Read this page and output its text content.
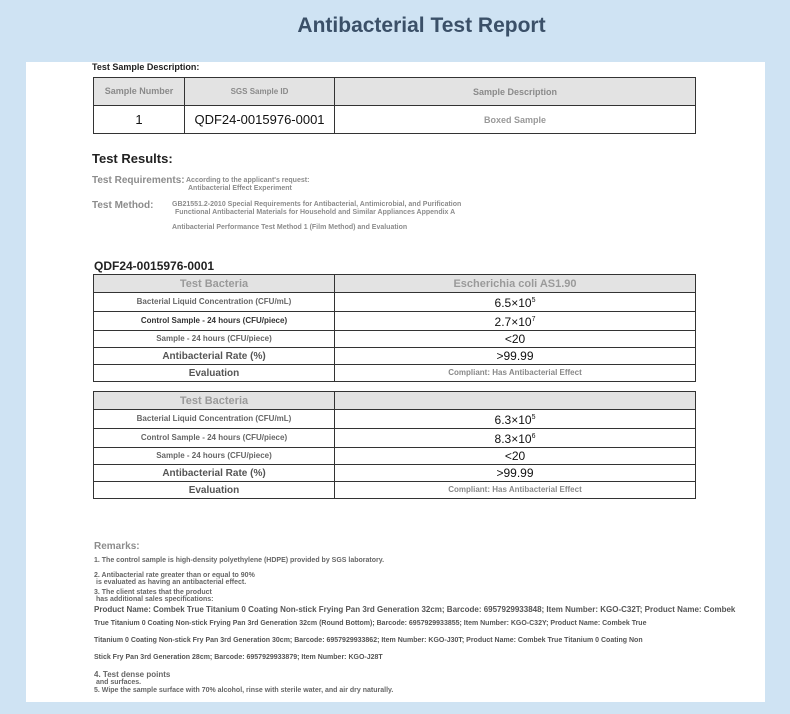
Antibacterial Test Report
Test Sample Description:
Sample Number	SGS Sample ID	Sample Description
1	QDF24-0015976-0001	Boxed Sample
Test Results:
Test Requirements: According to the applicant's request:
Antibacterial Effect Experiment
Test Method:	GB21551.2-2010 Special Requirements for Antibacterial, Antimicrobial, and Purification
Functional Antibacterial Materials for Household and Similar Appliances Appendix A
Antibacterial Performance Test Method 1 (Film Method) and Evaluation
QDF24-0015976-0001
Test Bacteria	Escherichia coli AS1.90
Bacterial Liquid Concentration (CFU/mL)	$6.5\times 10^5$
Control Sample - 24 hours (CFU/piece)	$2.7\times 10^7$
Sample - 24 hours (CFU/piece)	<20
Antibacterial Rate (%)	>99.99
Evaluation	Compliant: Has Antibacterial Effect
Test Bacteria	
Bacterial Liquid Concentration (CFU/mL)	$6.3\times 10^5$
Control Sample - 24 hours (CFU/piece)	$8.3\times 10^6$
Sample - 24 hours (CFU/piece)	<20
Antibacterial Rate (%)	>99.99
Evaluation	Compliant: Has Antibacterial Effect
Remarks:
1. The control sample is high-density polyethylene (HDPE) provided by SGS laboratory.
2. Antibacterial rate greater than or equal to 90%
is evaluated as having an antibacterial effect.
3. The client states that the product
has additional sales specifications:
Product Name: Combek True Titanium 0 Coating Non-stick Frying Pan 3rd Generation 32cm; Barcode: 6957929933848; Item Number: KGO-C32T; Product Name: Combek
True Titanium 0 Coating Non-stick Frying Pan 3rd Generation 32cm (Round Bottom); Barcode: 6957929933855; Item Number: KGO-C32Y; Product Name: Combek True
Titanium 0 Coating Non-stick Fry Pan 3rd Generation 30cm; Barcode: 6957929933862; Item Number: KGO-J30T; Product Name: Combek True Titanium 0 Coating Non
Stick Fry Pan 3rd Generation 28cm; Barcode: 6957929933879; Item Number: KGO-J28T
4. Test dense points
and surfaces.
5. Wipe the sample surface with 70% alcohol, rinse with sterile water, and air dry naturally.
